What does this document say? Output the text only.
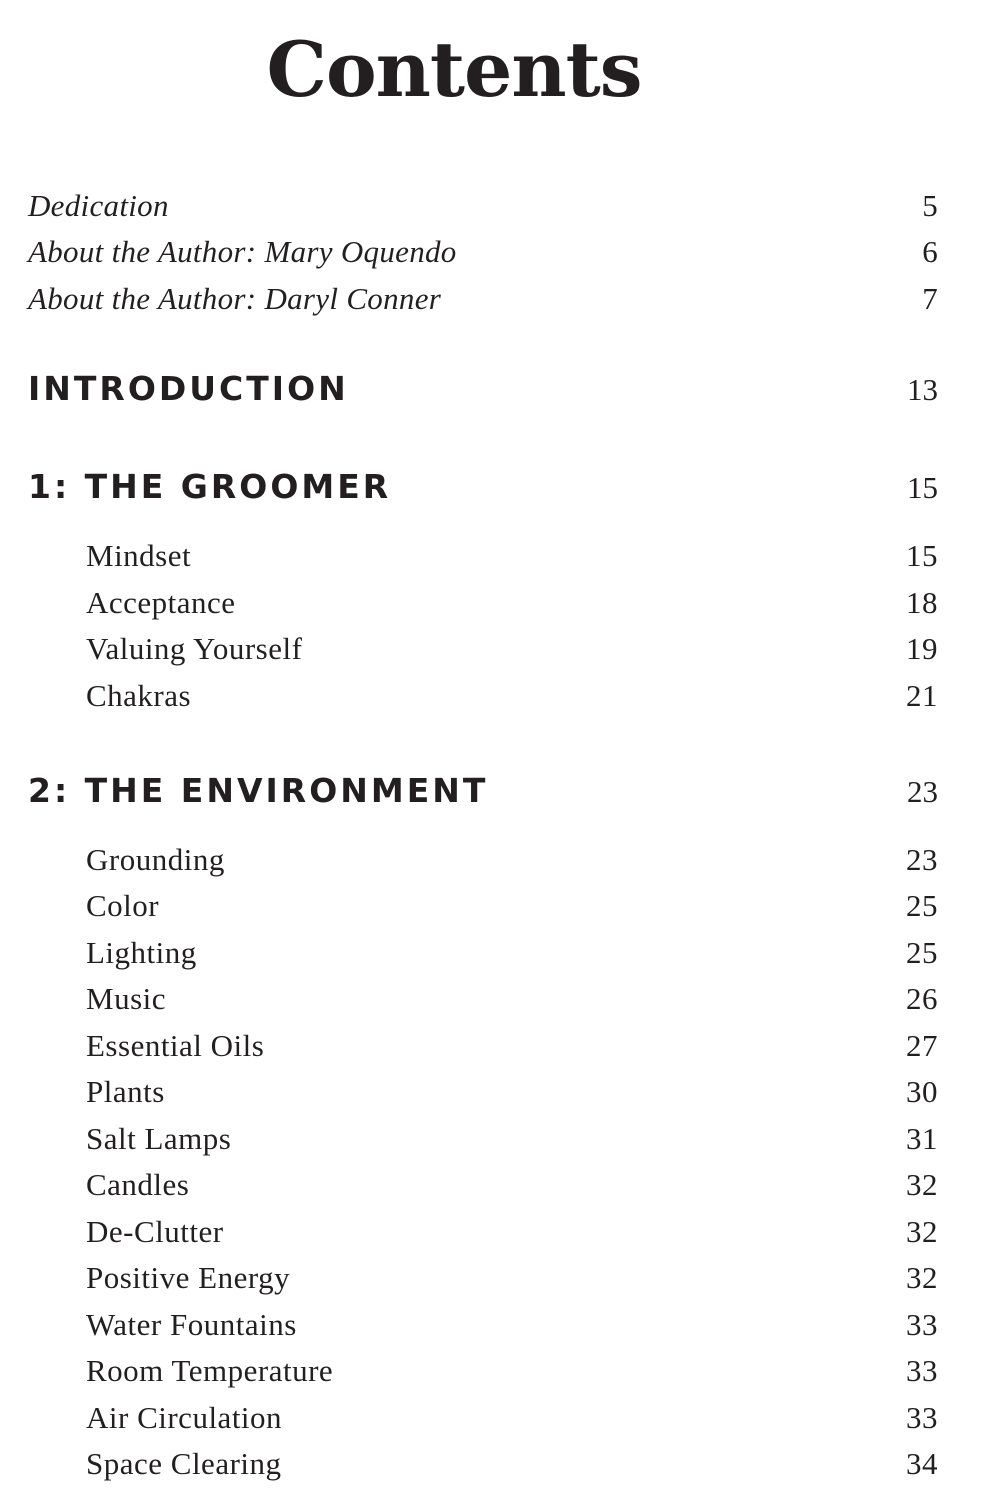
Contents
Dedication	5
About the Author: Mary Oquendo	6
About the Author: Daryl Conner	7
INTRODUCTION	13
1: THE GROOMER	15
Mindset	15
Acceptance	18
Valuing Yourself	19
Chakras	21
2: THE ENVIRONMENT	23
Grounding	23
Color	25
Lighting	25
Music	26
Essential Oils	27
Plants	30
Salt Lamps	31
Candles	32
De-Clutter	32
Positive Energy	32
Water Fountains	33
Room Temperature	33
Air Circulation	33
Space Clearing	34
